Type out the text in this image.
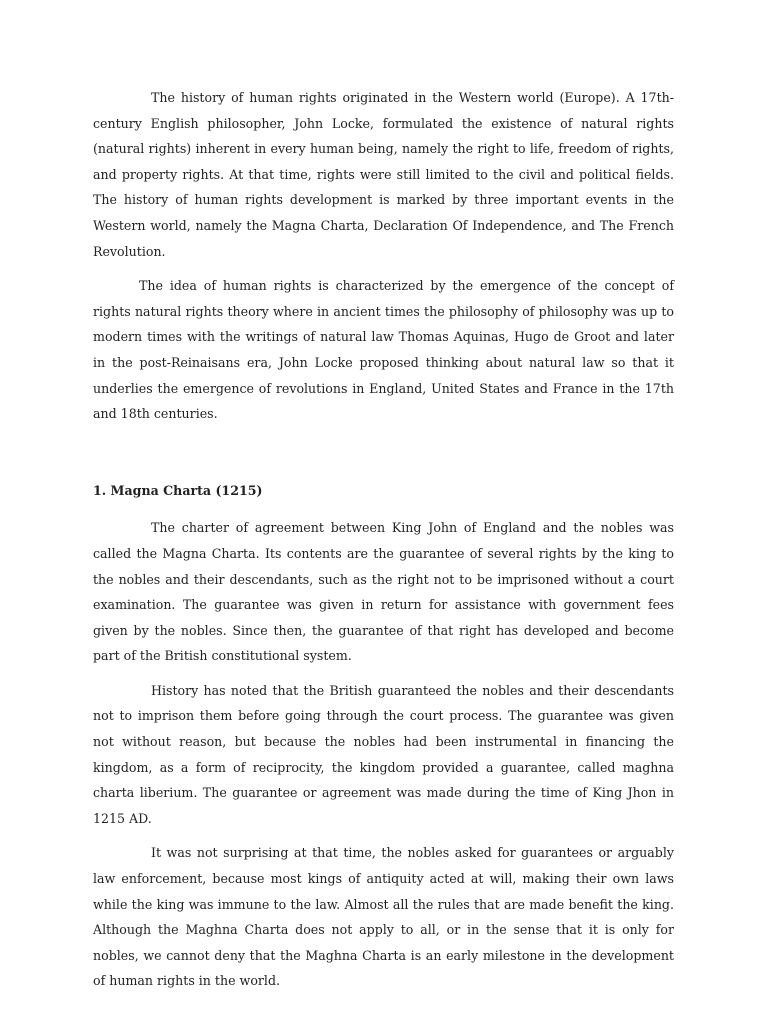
The history of human rights originated in the Western world (Europe). A 17th-century English philosopher, John Locke, formulated the existence of natural rights (natural rights) inherent in every human being, namely the right to life, freedom of rights, and property rights. At that time, rights were still limited to the civil and political fields. The history of human rights development is marked by three important events in the Western world, namely the Magna Charta, Declaration Of Independence, and The French Revolution.

The idea of human rights is characterized by the emergence of the concept of rights natural rights theory where in ancient times the philosophy of philosophy was up to modern times with the writings of natural law Thomas Aquinas, Hugo de Groot and later in the post-Reinaisans era, John Locke proposed thinking about natural law so that it underlies the emergence of revolutions in England, United States and France in the 17th and 18th centuries.

1. Magna Charta (1215)

The charter of agreement between King John of England and the nobles was called the Magna Charta. Its contents are the guarantee of several rights by the king to the nobles and their descendants, such as the right not to be imprisoned without a court examination. The guarantee was given in return for assistance with government fees given by the nobles. Since then, the guarantee of that right has developed and become part of the British constitutional system.

History has noted that the British guaranteed the nobles and their descendants not to imprison them before going through the court process. The guarantee was given not without reason, but because the nobles had been instrumental in financing the kingdom, as a form of reciprocity, the kingdom provided a guarantee, called maghna charta liberium. The guarantee or agreement was made during the time of King Jhon in 1215 AD.

It was not surprising at that time, the nobles asked for guarantees or arguably law enforcement, because most kings of antiquity acted at will, making their own laws while the king was immune to the law. Almost all the rules that are made benefit the king. Although the Maghna Charta does not apply to all, or in the sense that it is only for nobles, we cannot deny that the Maghna Charta is an early milestone in the development of human rights in the world.
